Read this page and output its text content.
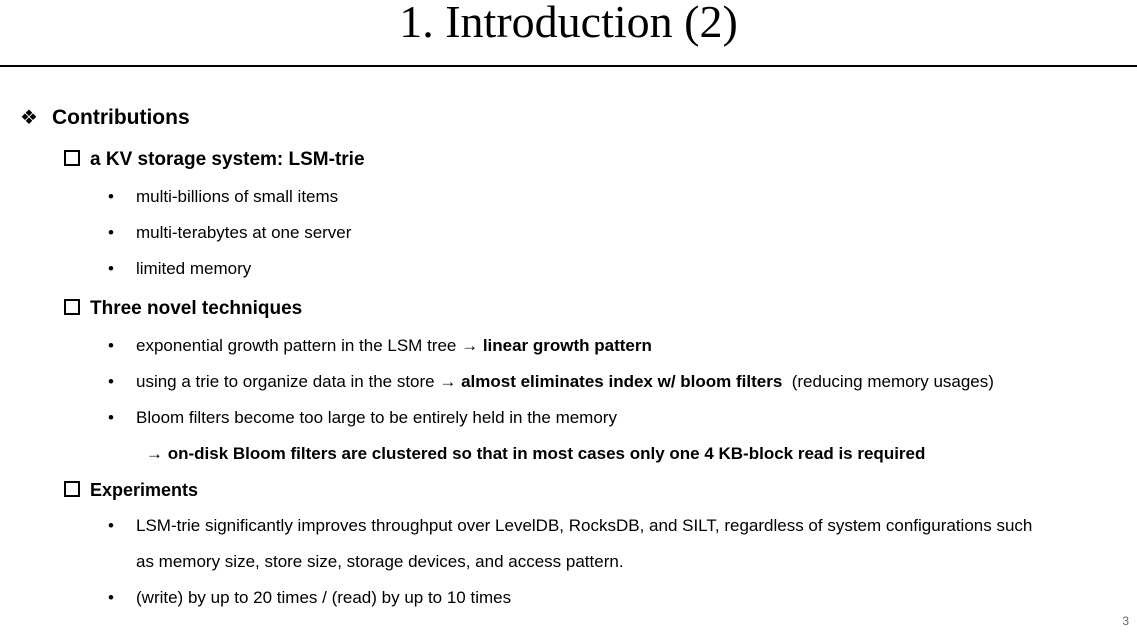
1. Introduction (2)
❖ Contributions
a KV storage system: LSM-trie
• multi-billions of small items
• multi-terabytes at one server
• limited memory
Three novel techniques
• exponential growth pattern in the LSM tree → linear growth pattern
• using a trie to organize data in the store → almost eliminates index w/ bloom filters  (reducing memory usages)
• Bloom filters become too large to be entirely held in the memory
→ on-disk Bloom filters are clustered so that in most cases only one 4 KB-block read is required
Experiments
• LSM-trie significantly improves throughput over LevelDB, RocksDB, and SILT, regardless of system configurations such
as memory size, store size, storage devices, and access pattern.
• (write) by up to 20 times / (read) by up to 10 times
3
